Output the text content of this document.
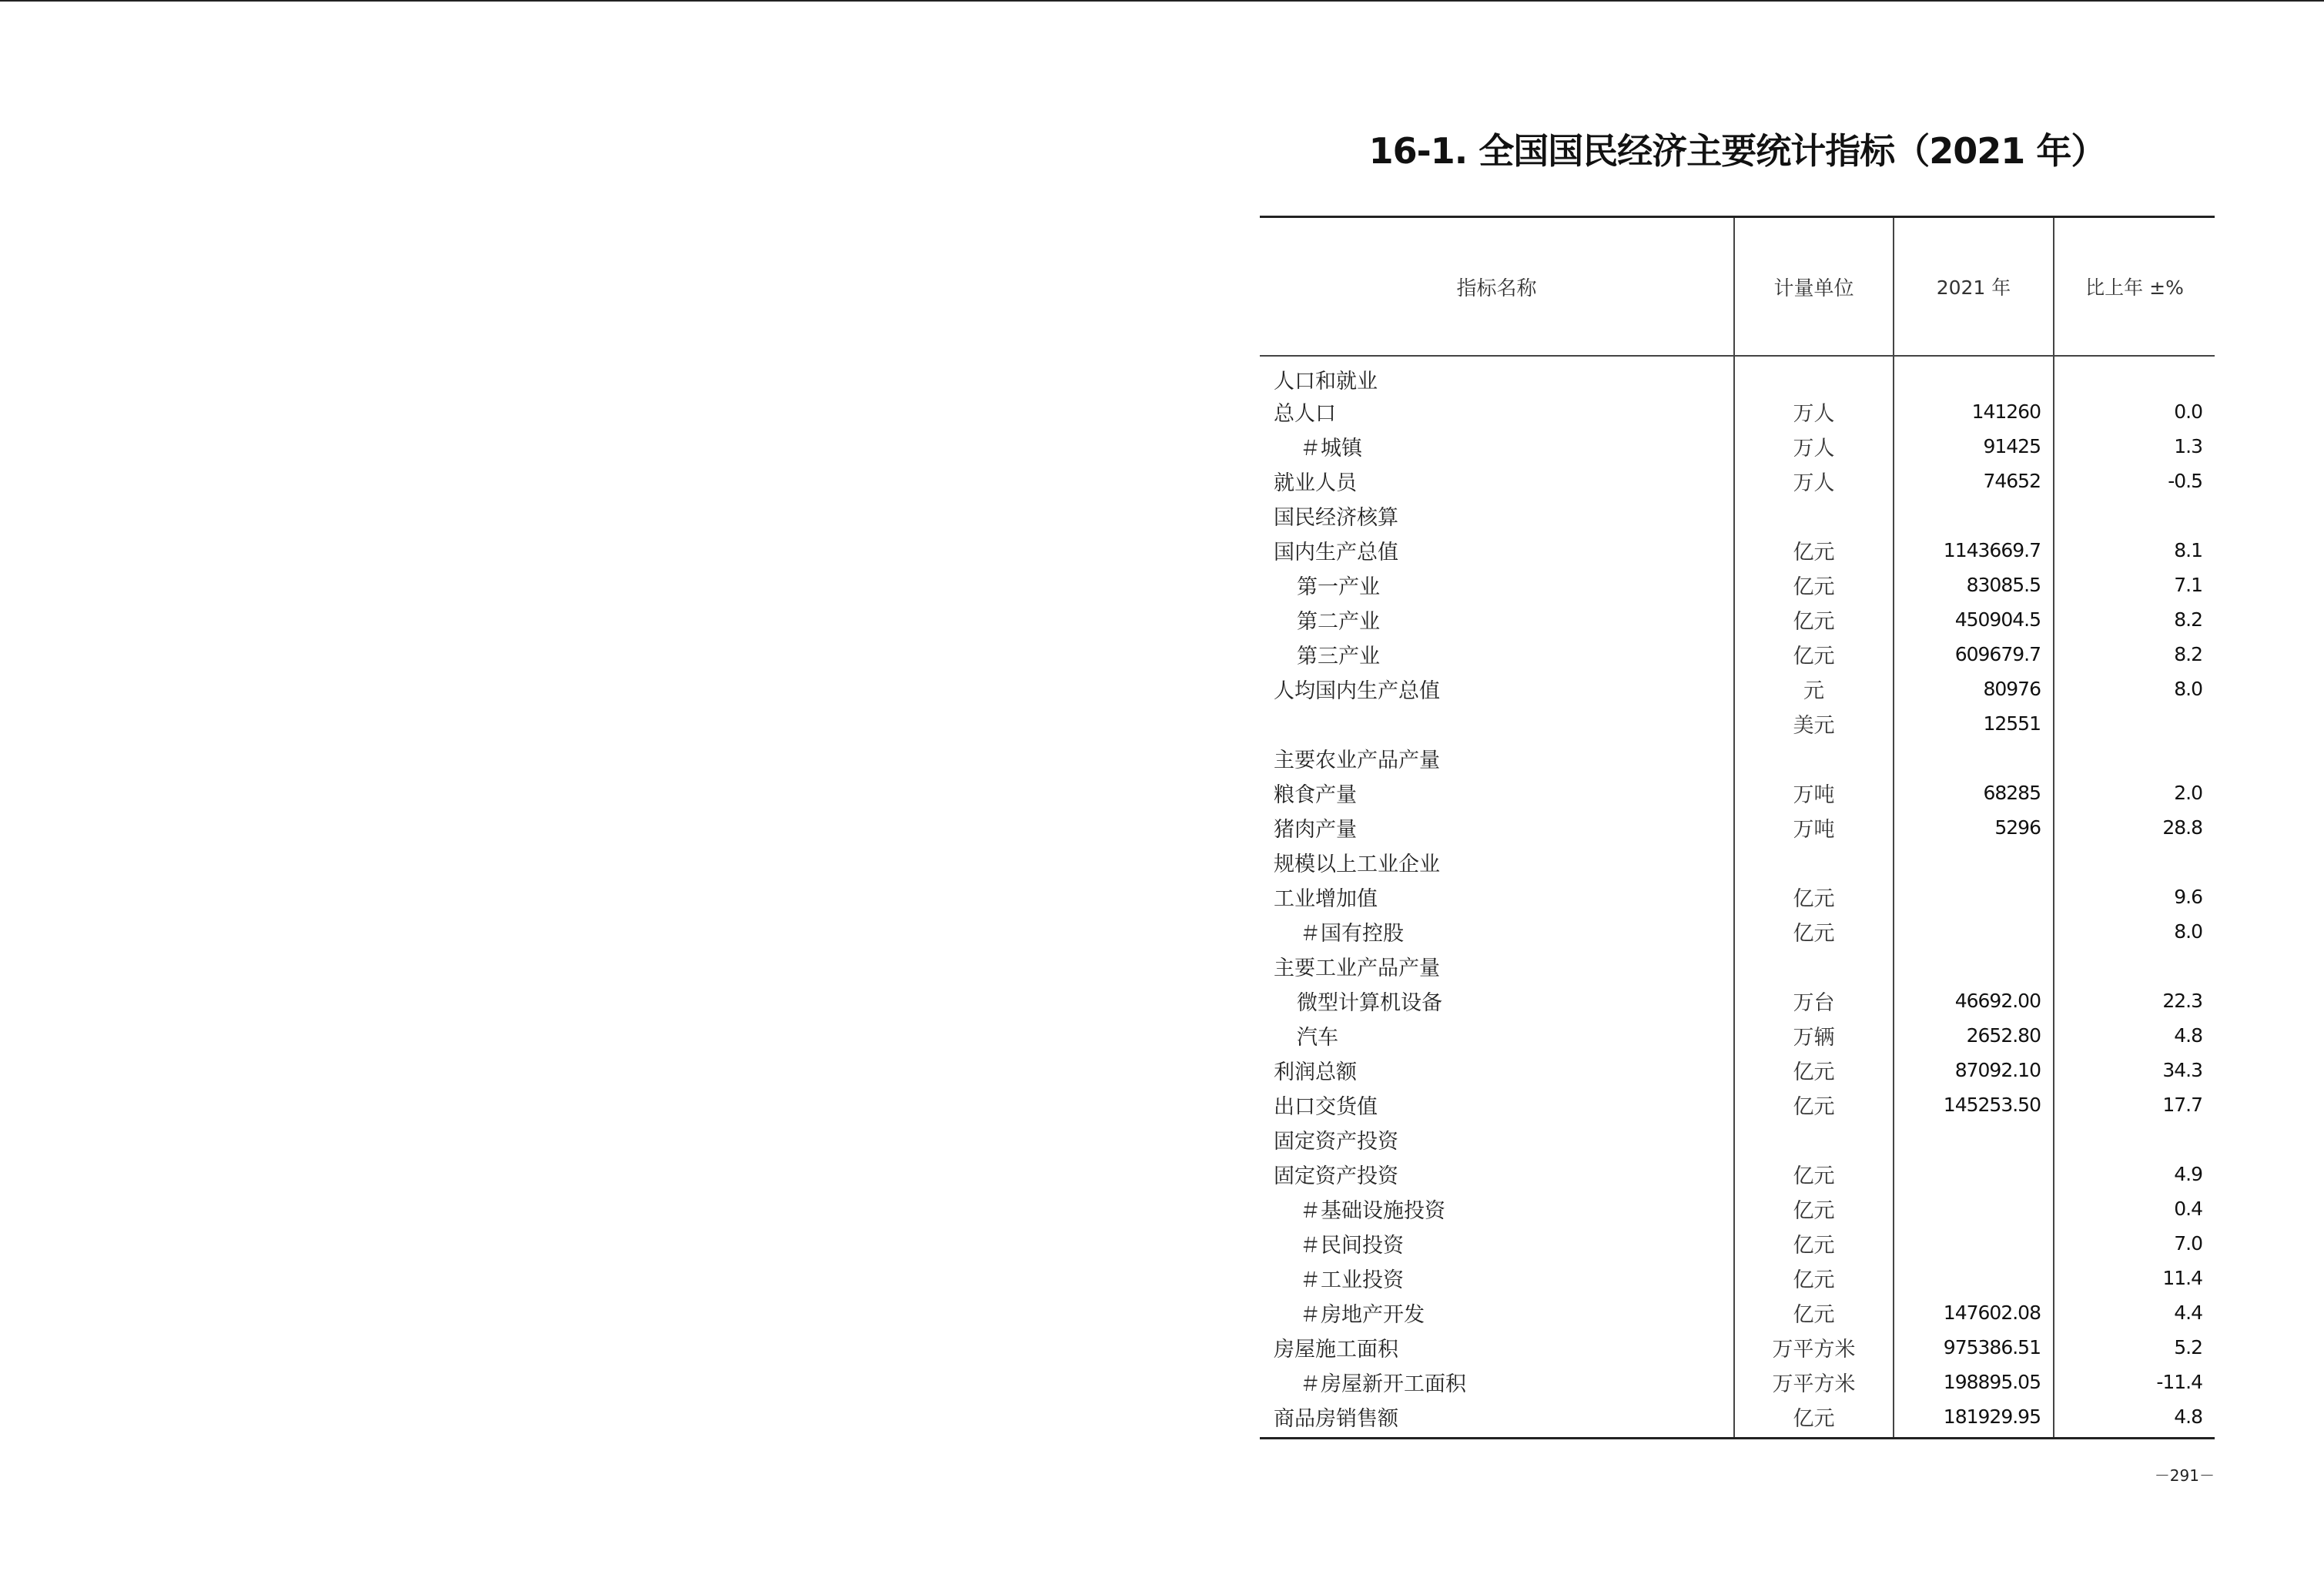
16-1. 全国国民经济主要统计指标（2021 年）
指标名称	计量单位	2021 年	比上年 ±%
人口和就业			
总人口	万人	141260	0.0
＃城镇	万人	91425	1.3
就业人员	万人	74652	-0.5
国民经济核算			
国内生产总值	亿元	1143669.7	8.1
第一产业	亿元	83085.5	7.1
第二产业	亿元	450904.5	8.2
第三产业	亿元	609679.7	8.2
人均国内生产总值	元	80976	8.0
	美元	12551	
主要农业产品产量			
粮食产量	万吨	68285	2.0
猪肉产量	万吨	5296	28.8
规模以上工业企业			
工业增加值	亿元		9.6
＃国有控股	亿元		8.0
主要工业产品产量			
微型计算机设备	万台	46692.00	22.3
汽车	万辆	2652.80	4.8
利润总额	亿元	87092.10	34.3
出口交货值	亿元	145253.50	17.7
固定资产投资			
固定资产投资	亿元		4.9
＃基础设施投资	亿元		0.4
＃民间投资	亿元		7.0
＃工业投资	亿元		11.4
＃房地产开发	亿元	147602.08	4.4
房屋施工面积	万平方米	975386.51	5.2
＃房屋新开工面积	万平方米	198895.05	-11.4
商品房销售额	亿元	181929.95	4.8
－291－
